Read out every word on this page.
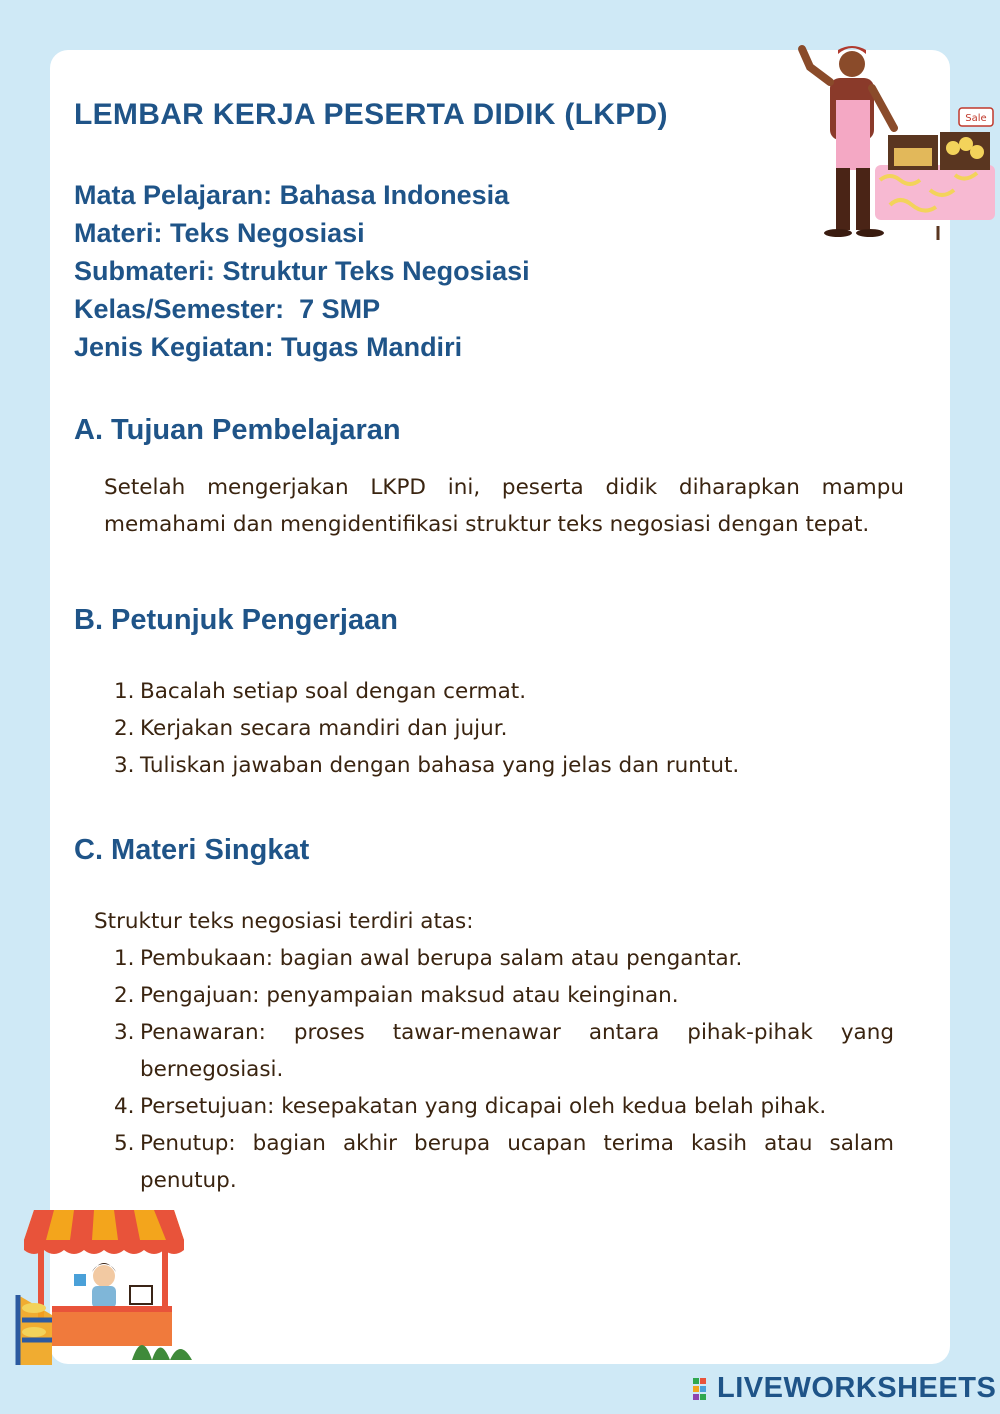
Sale
LEMBAR KERJA PESERTA DIDIK (LKPD)
Mata Pelajaran: Bahasa Indonesia
Materi: Teks Negosiasi
Submateri: Struktur Teks Negosiasi
Kelas/Semester:  7 SMP
Jenis Kegiatan: Tugas Mandiri
A. Tujuan Pembelajaran
Setelah mengerjakan LKPD ini, peserta didik diharapkan mampu memahami dan mengidentifikasi struktur teks negosiasi dengan tepat.
B. Petunjuk Pengerjaan
1. Bacalah setiap soal dengan cermat.
2. Kerjakan secara mandiri dan jujur.
3. Tuliskan jawaban dengan bahasa yang jelas dan runtut.
C. Materi Singkat
Struktur teks negosiasi terdiri atas:
1. Pembukaan: bagian awal berupa salam atau pengantar.
2. Pengajuan: penyampaian maksud atau keinginan.
3. Penawaran: proses tawar-menawar antara pihak-pihak yang bernegosiasi.
4. Persetujuan: kesepakatan yang dicapai oleh kedua belah pihak.
5. Penutup: bagian akhir berupa ucapan terima kasih atau salam penutup.
LIVEWORKSHEETS
